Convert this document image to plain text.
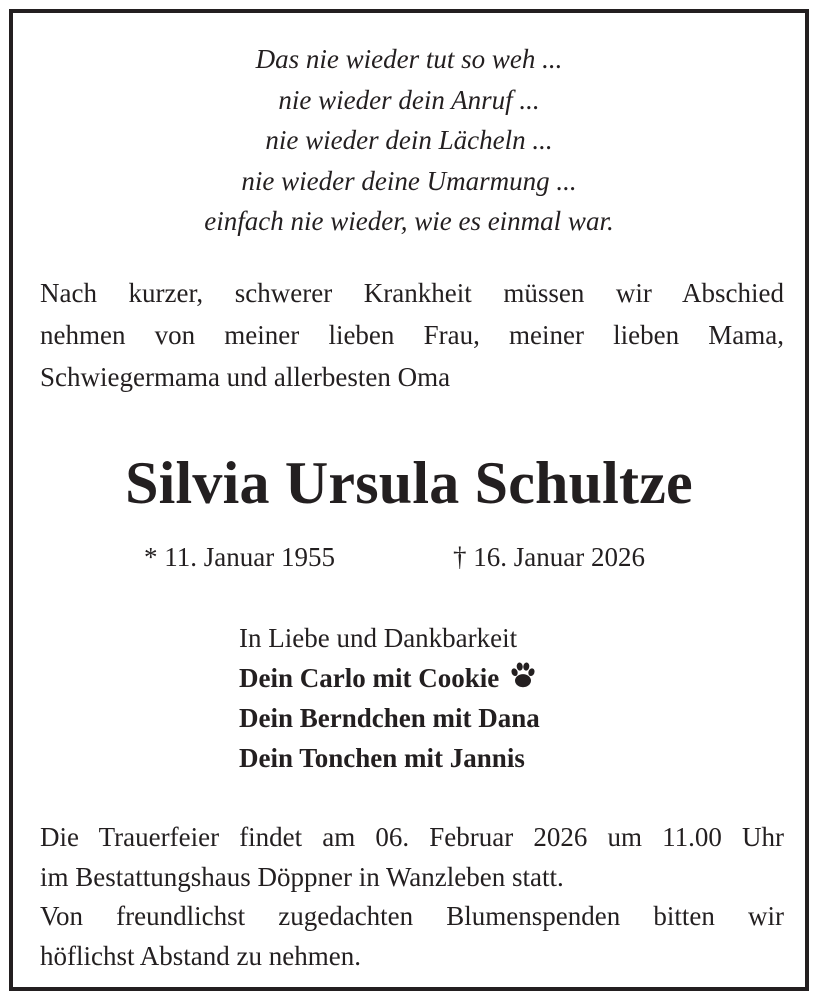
Das nie wieder tut so weh ...
nie wieder dein Anruf ...
nie wieder dein Lächeln ...
nie wieder deine Umarmung ...
einfach nie wieder, wie es einmal war.
Nach kurzer, schwerer Krankheit müssen wir Abschied
nehmen von meiner lieben Frau, meiner lieben Mama,
Schwiegermama und allerbesten Oma
Silvia Ursula Schultze
* 11. Januar 1955	† 16. Januar 2026
In Liebe und Dankbarkeit
Dein Carlo mit Cookie
Dein Berndchen mit Dana
Dein Tonchen mit Jannis
Die Trauerfeier findet am 06. Februar 2026 um 11.00 Uhr
im Bestattungshaus Döppner in Wanzleben statt.
Von freundlichst zugedachten Blumenspenden bitten wir
höflichst Abstand zu nehmen.
